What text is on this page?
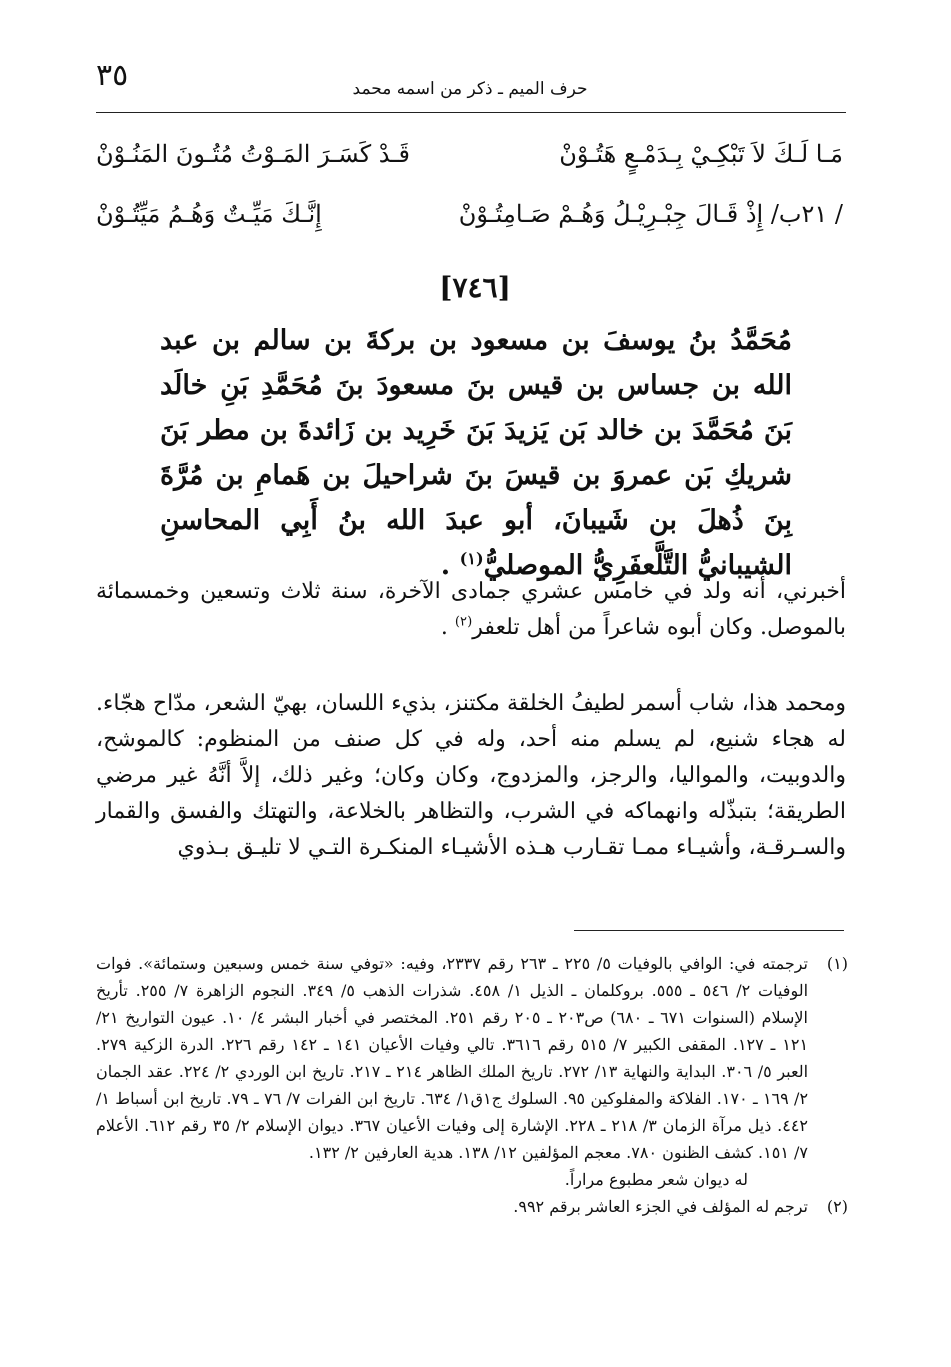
٣٥	حرف الميم ـ ذكر من اسمه محمد
مَـا لَـكَ لاَ تَبْكِـيْ بِـدَمْـعٍ هَتُـوْنْ
قَـدْ كَسَـرَ المَـوْتُ مُتُـونَ المَنُـوْنْ
/ ٢١ب/ إِذْ قَـالَ جِبْـرِيْـلُ وَهُـمْ صَـامِتُـوْنْ
إِنَّـكَ مَيِّـتٌ وَهُـمُ مَيِّتُـوْنْ
[٧٤٦]
مُحَمَّدُ بنُ يوسفَ بن مسعود بن بركةَ بن سالم بن عبد الله بن جساس بن قيس بنَ مسعودَ بنَ مُحَمَّدِ بَنِ خالَد بَنَ مُحَمَّدَ بن خالد بَن يَزيدَ بَنَ خَرِيد بن زَائدةَ بن مطر بَنَ شريكِ بَن عمروَ بن قيسَ بنَ شراحيلَ بن هَمامِ بن مُرَّةَ بِنَ ذُهلَ بن شَيبانَ، أبو عبدَ الله بنُ أَبِي المحاسنِ الشيبانيُّ التَّلَّعفَرِيُّ الموصليُّ$^{(١)}$ .
أخبرني، أنه ولد في خامس عشري جمادى الآخرة، سنة ثلاث وتسعين وخمسمائة بالموصل. وكان أبوه شاعراً من أهل تلعفر$^{(٢)}$ .
ومحمد هذا، شاب أسمر لطيفُ الخلقة مكتنز، بذيء اللسان، بهيّ الشعر، مدّاح هجّاء. له هجاء شنيع، لم يسلم منه أحد، وله في كل صنف من المنظوم: كالموشح، والدوبيت، والمواليا، والرجز، والمزدوج، وكان وكان؛ وغير ذلك، إلاَّ أنَّهُ غير مرضي الطريقة؛ بتبذّله وانهماكه في الشرب، والتظاهر بالخلاعة، والتهتك والفسق والقمار والسـرقـة، وأشيـاء ممـا تقـارب هـذه الأشيـاء المنكـرة التـي لا تليـق بـذوي
(١)
ترجمته في: الوافي بالوفيات ٥/ ٢٢٥ ـ ٢٦٣ رقم ٢٣٣٧، وفيه: «توفي سنة خمس وسبعين وستمائة». فوات الوفيات ٢/ ٥٤٦ ـ ٥٥٥. بروكلمان ـ الذيل ١/ ٤٥٨. شذرات الذهب ٥/ ٣٤٩. النجوم الزاهرة ٧/ ٢٥٥. تأريخ الإسلام (السنوات ٦٧١ ـ ٦٨٠) ص٢٠٣ ـ ٢٠٥ رقم ٢٥١. المختصر في أخبار البشر ٤/ ١٠. عيون التواريخ ٢١/ ١٢١ ـ ١٢٧. المقفى الكبير ٧/ ٥١٥ رقم ٣٦١٦. تالي وفيات الأعيان ١٤١ ـ ١٤٢ رقم ٢٢٦. الدرة الزكية ٢٧٩. العبر ٥/ ٣٠٦. البداية والنهاية ١٣/ ٢٧٢. تاريخ الملك الظاهر ٢١٤ ـ ٢١٧. تاريخ ابن الوردي ٢/ ٢٢٤. عقد الجمان ٢/ ١٦٩ ـ ١٧٠. الفلاكة والمفلوكين ٩٥. السلوك ج١ق١/ ٦٣٤. تاريخ ابن الفرات ٧/ ٧٦ ـ ٧٩. تاريخ ابن أسباط ١/ ٤٤٢. ذيل مرآة الزمان ٣/ ٢١٨ ـ ٢٢٨. الإشارة إلى وفيات الأعيان ٣٦٧. ديوان الإسلام ٢/ ٣٥ رقم ٦١٢. الأعلام ٧/ ١٥١. كشف الظنون ٧٨٠. معجم المؤلفين ١٢/ ١٣٨. هدية العارفين ٢/ ١٣٢.
له ديوان شعر مطبوع مراراً.
(٢)
ترجم له المؤلف في الجزء العاشر برقم ٩٩٢.
